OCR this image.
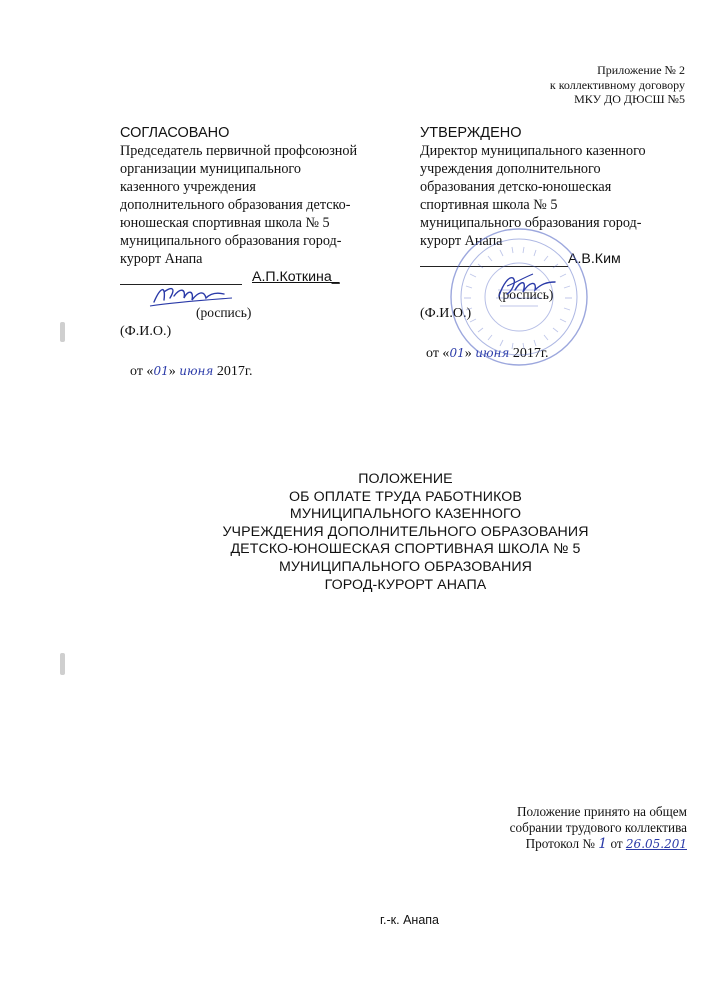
Приложение № 2
к коллективному договору
МКУ ДО ДЮСШ №5
СОГЛАСОВАНО
Председатель первичной профсоюзной
организации муниципального
казенного учреждения
дополнительного образования детско-
юношеская спортивная школа № 5
муниципального образования город-
курорт Анапа
А.П.Коткина_
(роспись)
(Ф.И.О.)
от «01» июня 2017г.
УТВЕРЖДЕНО
Директор муниципального казенного
учреждения дополнительного
образования детско-юношеская
спортивная школа № 5
муниципального образования город-
курорт Анапа
А.В.Ким
(роспись)
(Ф.И.О.)
от «01» июня 2017г.
ПОЛОЖЕНИЕ
ОБ ОПЛАТЕ ТРУДА РАБОТНИКОВ
МУНИЦИПАЛЬНОГО КАЗЕННОГО
УЧРЕЖДЕНИЯ ДОПОЛНИТЕЛЬНОГО ОБРАЗОВАНИЯ
ДЕТСКО-ЮНОШЕСКАЯ СПОРТИВНАЯ ШКОЛА № 5
МУНИЦИПАЛЬНОГО ОБРАЗОВАНИЯ
ГОРОД-КУРОРТ АНАПА
Положение принято на общем
собрании трудового коллектива
Протокол № 1 от 26.05.201
г.-к. Анапа
